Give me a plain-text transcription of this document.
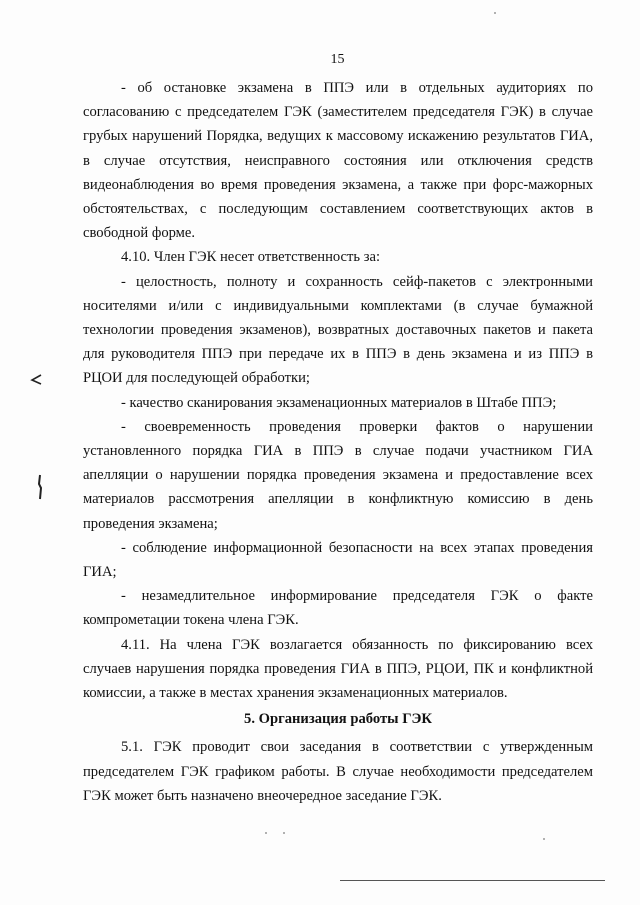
15

- об остановке экзамена в ППЭ или в отдельных аудиториях по согласованию с председателем ГЭК (заместителем председателя ГЭК) в случае грубых нарушений Порядка, ведущих к массовому искажению результатов ГИА, в случае отсутствия, неисправного состояния или отключения средств видеонаблюдения во время проведения экзамена, а также при форс-мажорных обстоятельствах, с последующим составлением соответствующих актов в свободной форме.

4.10. Член ГЭК несет ответственность за:

- целостность, полноту и сохранность сейф-пакетов с электронными носителями и/или с индивидуальными комплектами (в случае бумажной технологии проведения экзаменов), возвратных доставочных пакетов и пакета для руководителя ППЭ при передаче их в ППЭ в день экзамена и из ППЭ в РЦОИ для последующей обработки;

- качество сканирования экзаменационных материалов в Штабе ППЭ;

- своевременность проведения проверки фактов о нарушении установленного порядка ГИА в ППЭ в случае подачи участником ГИА апелляции о нарушении порядка проведения экзамена и предоставление всех материалов рассмотрения апелляции в конфликтную комиссию в день проведения экзамена;

- соблюдение информационной безопасности на всех этапах проведения ГИА;

- незамедлительное информирование председателя ГЭК о факте компрометации токена члена ГЭК.

4.11. На члена ГЭК возлагается обязанность по фиксированию всех случаев нарушения порядка проведения ГИА в ППЭ, РЦОИ, ПК и конфликтной комиссии, а также в местах хранения экзаменационных материалов.

5. Организация работы ГЭК

5.1. ГЭК проводит свои заседания в соответствии с утвержденным председателем ГЭК графиком работы. В случае необходимости председателем ГЭК может быть назначено внеочередное заседание ГЭК.
